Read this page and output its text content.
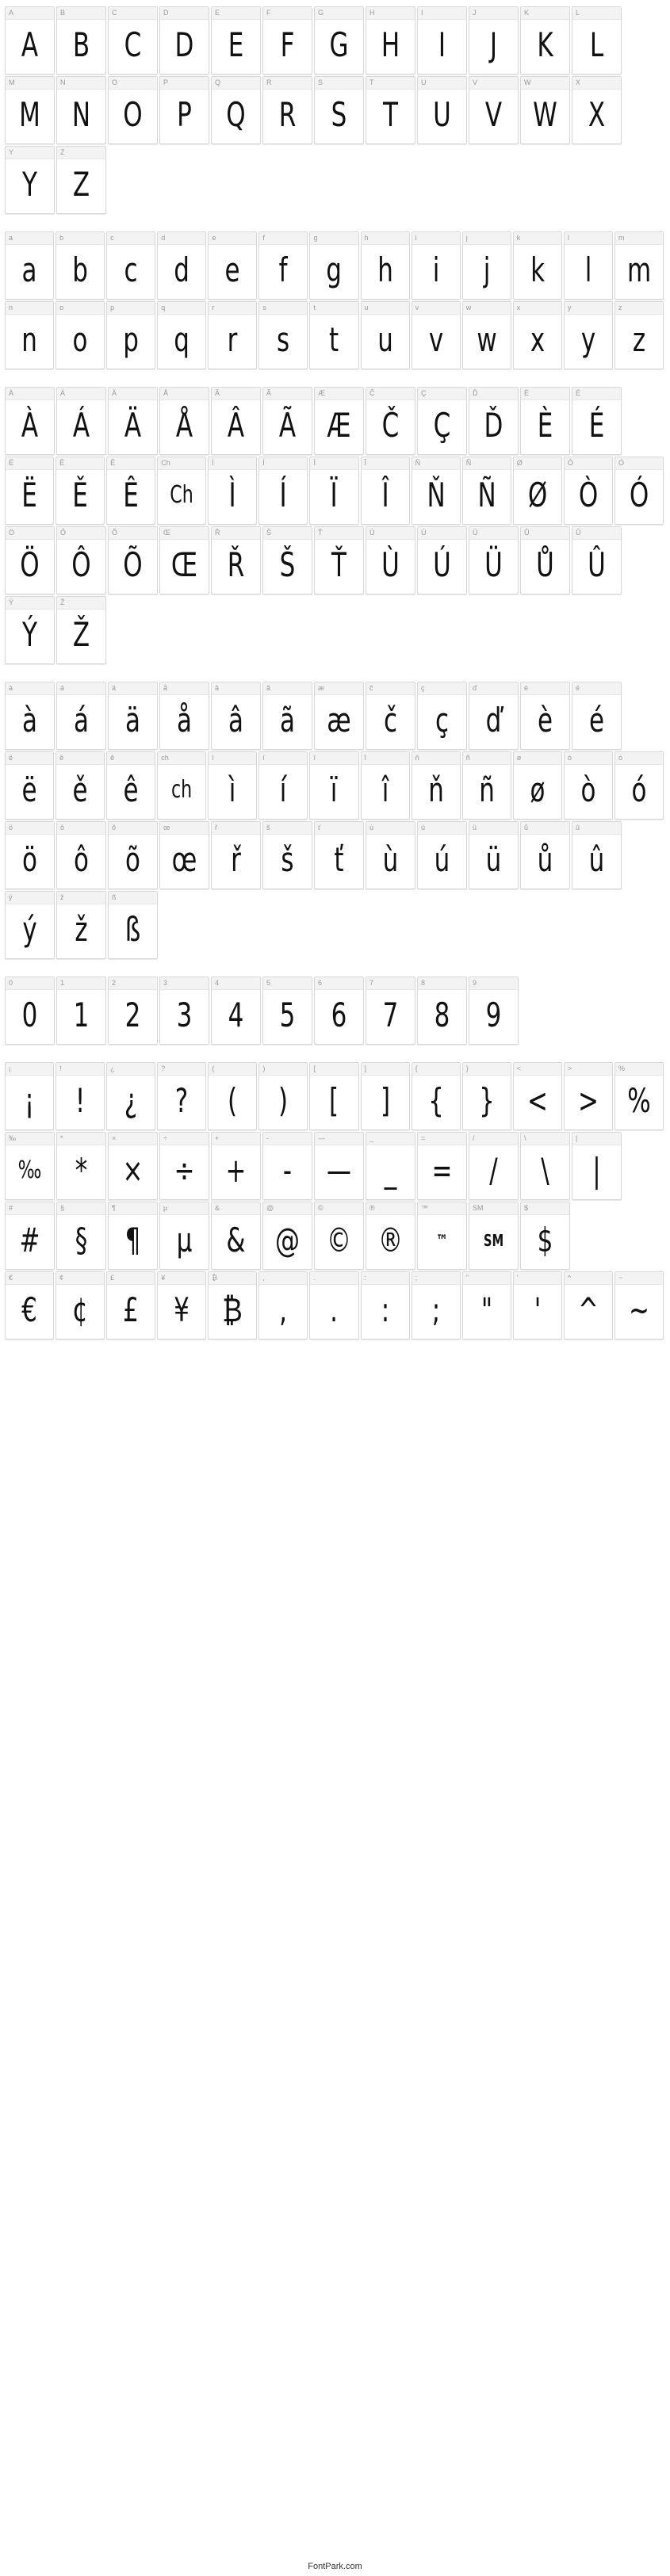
A
A
B
B
C
C
D
D
E
E
F
F
G
G
H
H
I
I
J
J
K
K
L
L
M
M
N
N
O
O
P
P
Q
Q
R
R
S
S
T
T
U
U
V
V
W
W
X
X
Y
Y
Z
Z
a
a
b
b
c
c
d
d
e
e
f
f
g
g
h
h
i
i
j
j
k
k
l
l
m
m
n
n
o
o
p
p
q
q
r
r
s
s
t
t
u
u
v
v
w
w
x
x
y
y
z
z
À
À
Á
Á
Ä
Ä
Å
Å
Â
Â
Ã
Ã
Æ
Æ
Č
Č
Ç
Ç
Ď
Ď
È
È
É
É
Ë
Ë
Ě
Ě
Ê
Ê
Ch
Ch
Ì
Ì
Í
Í
Ï
Ï
Î
Î
Ň
Ň
Ñ
Ñ
Ø
Ø
Ò
Ò
Ó
Ó
Ö
Ö
Ô
Ô
Õ
Õ
Œ
Œ
Ř
Ř
Š
Š
Ť
Ť
Ù
Ù
Ú
Ú
Ü
Ü
Ů
Ů
Û
Û
Ý
Ý
Ž
Ž
à
à
á
á
ä
ä
å
å
â
â
ã
ã
æ
æ
č
č
ç
ç
ď
ď
è
è
é
é
ë
ë
ě
ě
ê
ê
ch
ch
ì
ì
í
í
ï
ï
î
î
ň
ň
ñ
ñ
ø
ø
ò
ò
ó
ó
ö
ö
ô
ô
õ
õ
œ
œ
ř
ř
š
š
ť
ť
ù
ù
ú
ú
ü
ü
ů
ů
û
û
ý
ý
ž
ž
ß
ß
0
0
1
1
2
2
3
3
4
4
5
5
6
6
7
7
8
8
9
9
¡
¡
!
!
¿
¿
?
?
(
(
)
)
[
[
]
]
{
{
}
}
<
<
>
>
%
%
‰
‰
*
*
×
×
÷
÷
+
+
-
-
—
—
_
_
=
=
/
/
\
\
|
|
#
#
§
§
¶
¶
µ
µ
&
&
@
@
©
©
®
®
™
™
SM
SM
$
$
€
€
¢
¢
£
£
¥
¥
₿
₿
,
,
.
.
:
:
;
;
"
"
'
'
^
^
~
~
FontPark.com
